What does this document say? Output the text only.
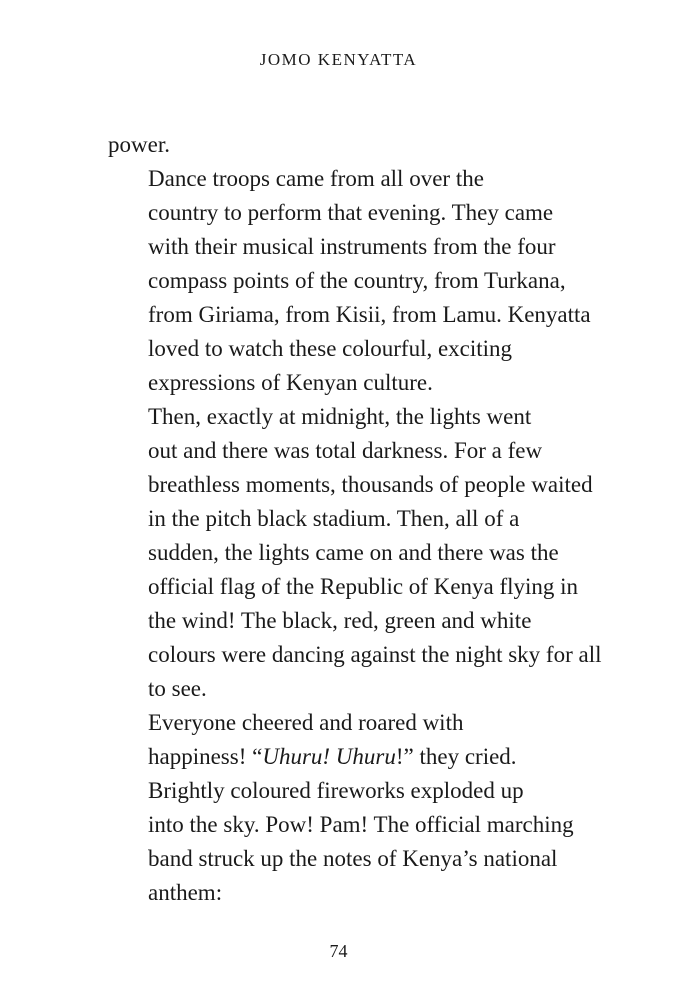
JOMO KENYATTA

power.

Dance troops came from all over the
country to perform that evening. They came
with their musical instruments from the four
compass points of the country, from Turkana,
from Giriama, from Kisii, from Lamu. Kenyatta
loved to watch these colourful, exciting
expressions of Kenyan culture.

Then, exactly at midnight, the lights went
out and there was total darkness. For a few
breathless moments, thousands of people waited
in the pitch black stadium. Then, all of a
sudden, the lights came on and there was the
official flag of the Republic of Kenya flying in
the wind! The black, red, green and white
colours were dancing against the night sky for all
to see.

Everyone cheered and roared with
happiness! “Uhuru! Uhuru!” they cried.

Brightly coloured fireworks exploded up
into the sky. Pow! Pam! The official marching
band struck up the notes of Kenya’s national
anthem:

74
